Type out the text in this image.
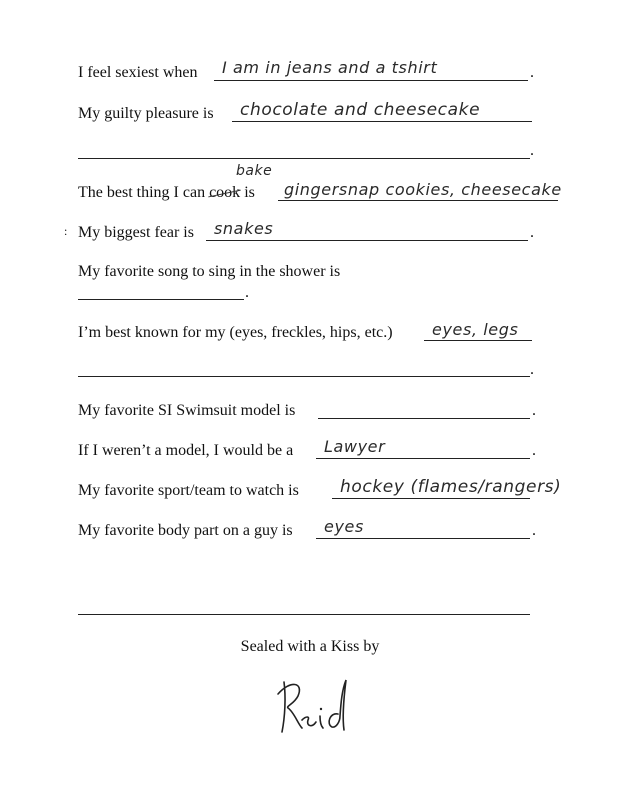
I feel sexiest when I am in jeans and a tshirt	.
My guilty pleasure is chocolate and cheesecake
.
bake
The best thing I can cook is gingersnap cookies, cheesecake
: My biggest fear is snakes	.
My favorite song to sing in the shower is
.
I’m best known for my (eyes, freckles, hips, etc.) eyes, legs
.
My favorite SI Swimsuit model is	.
If I weren’t a model, I would be a Lawyer	.
My favorite sport/team to watch is hockey (flames/rangers)
My favorite body part on a guy is eyes	.
Sealed with a Kiss by
